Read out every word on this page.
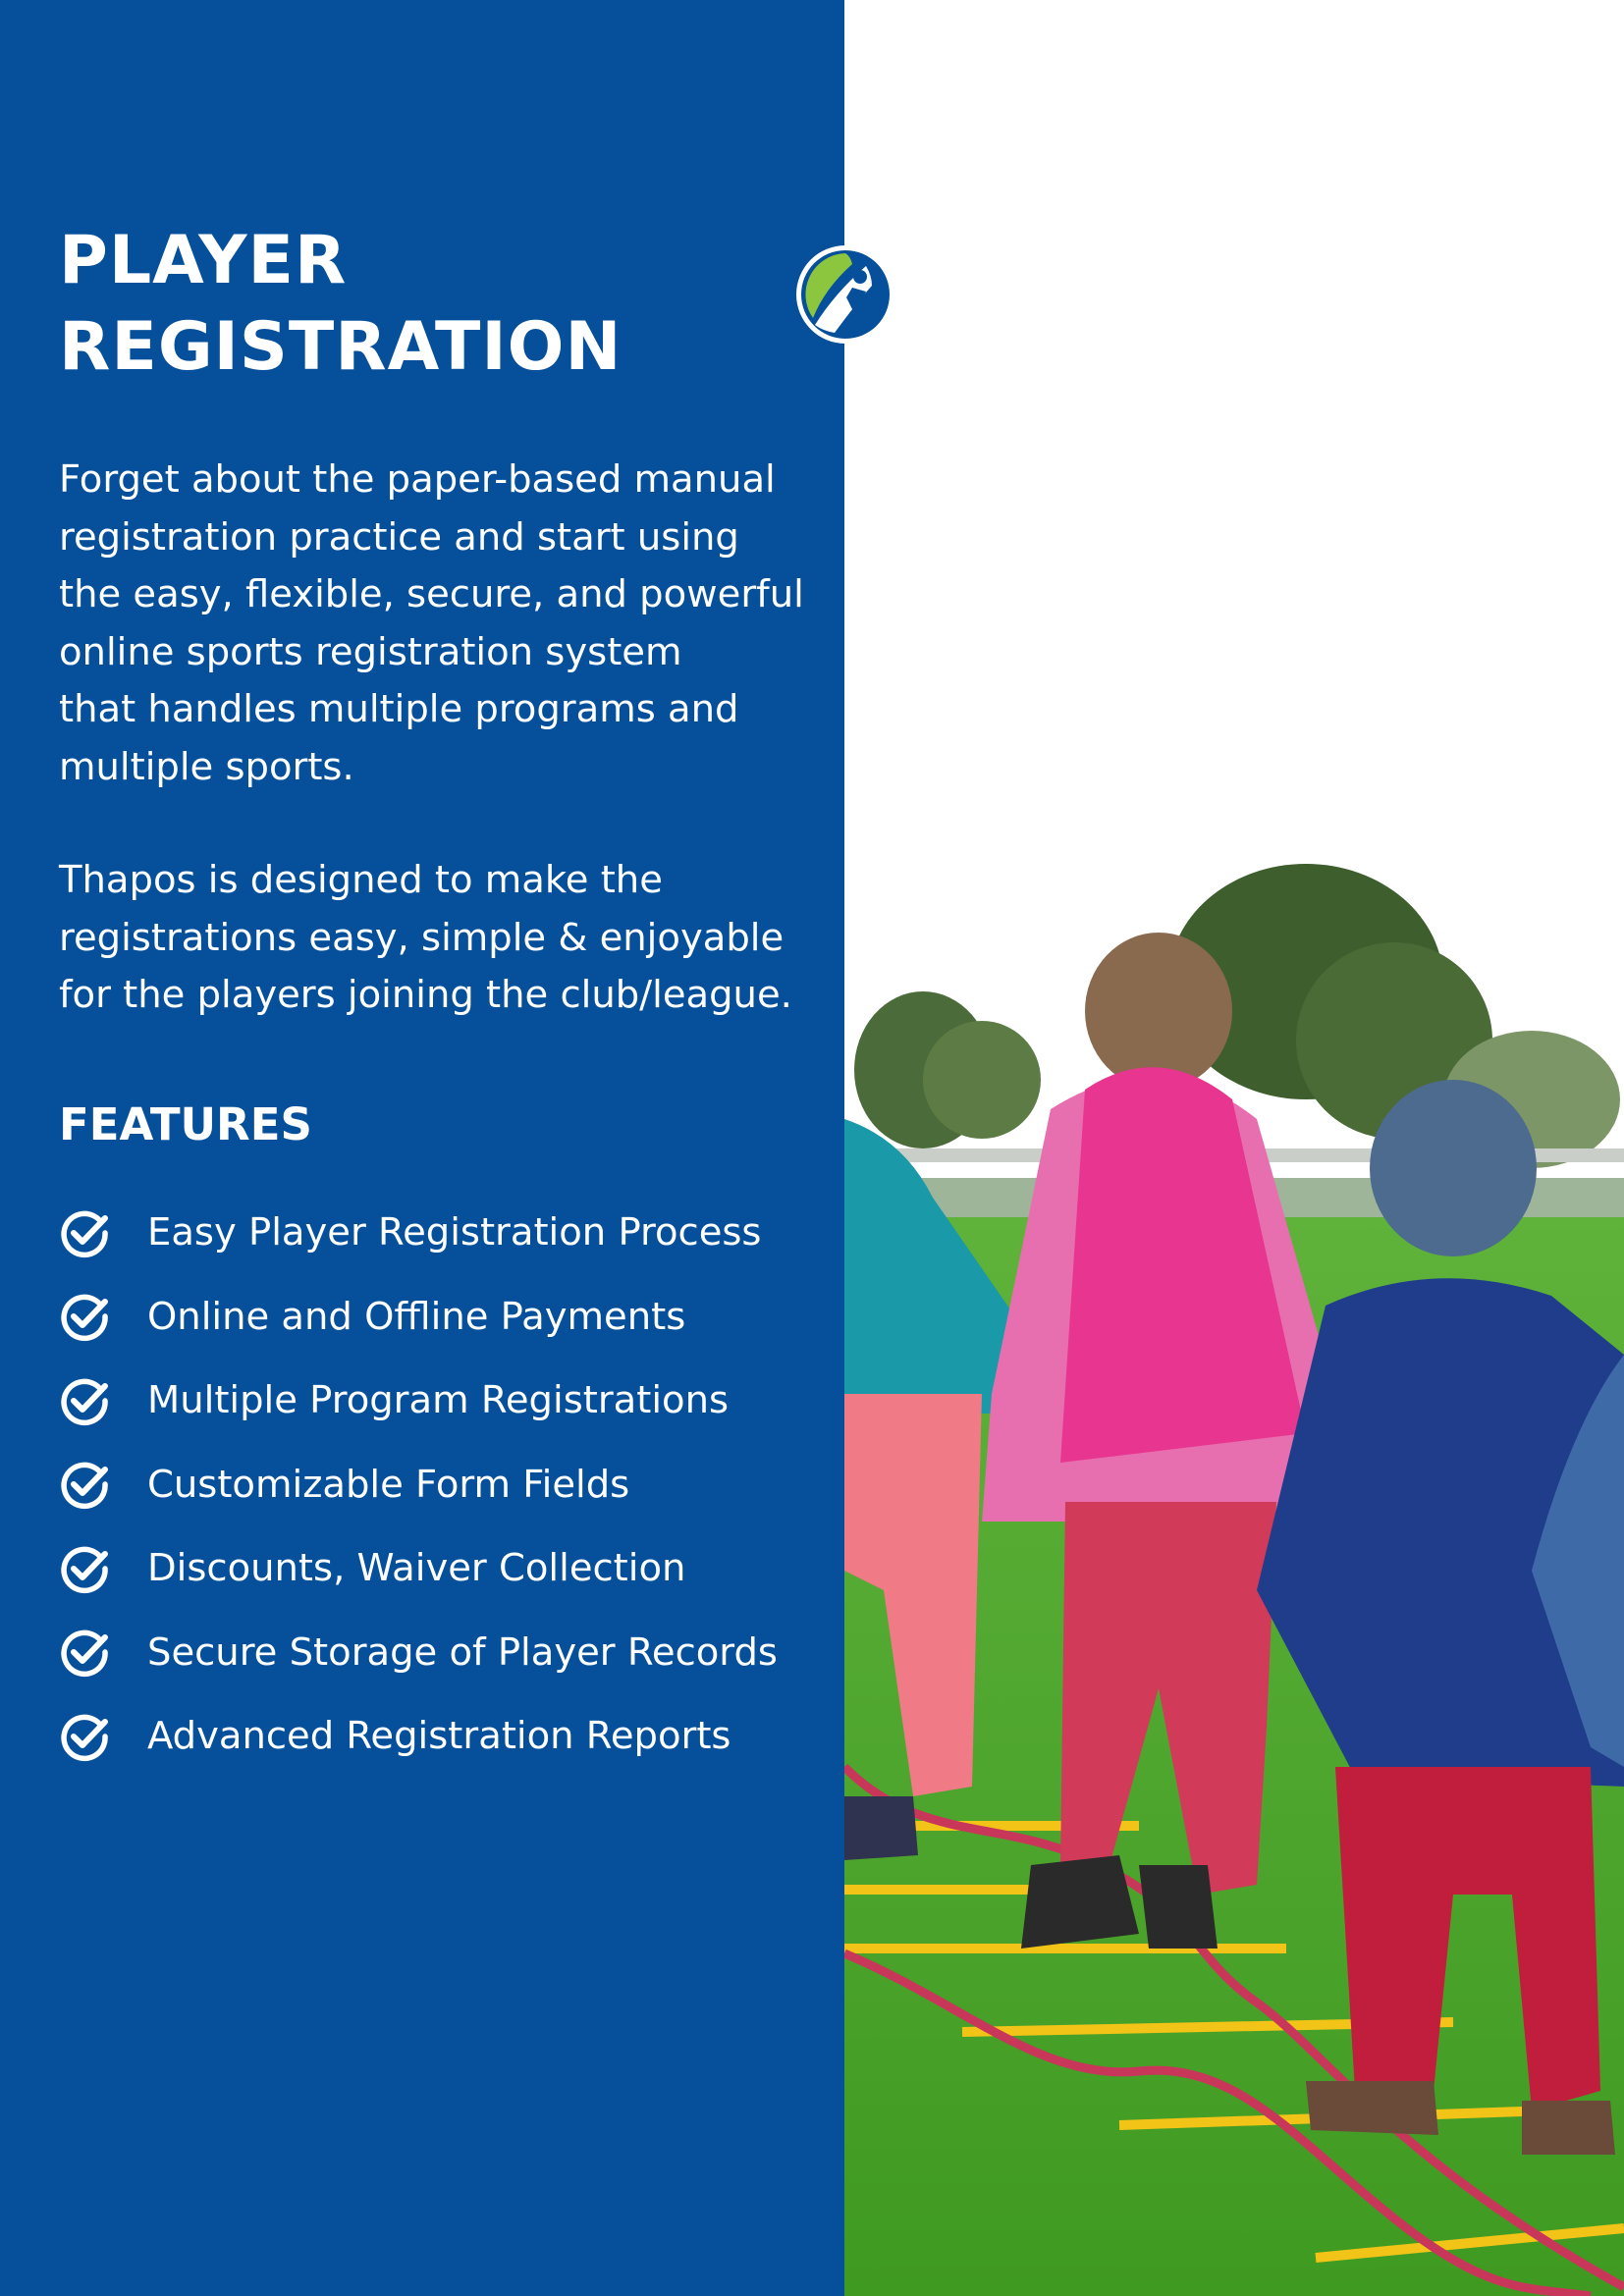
PLAYER
REGISTRATION

Forget about the paper-based manual
registration practice and start using
the easy, flexible, secure, and powerful
online sports registration system
that handles multiple programs and
multiple sports.

Thapos is designed to make the
registrations easy, simple & enjoyable
for the players joining the club/league.

FEATURES
Easy Player Registration Process
Online and Offline Payments
Multiple Program Registrations
Customizable Form Fields
Discounts, Waiver Collection
Secure Storage of Player Records
Advanced Registration Reports
